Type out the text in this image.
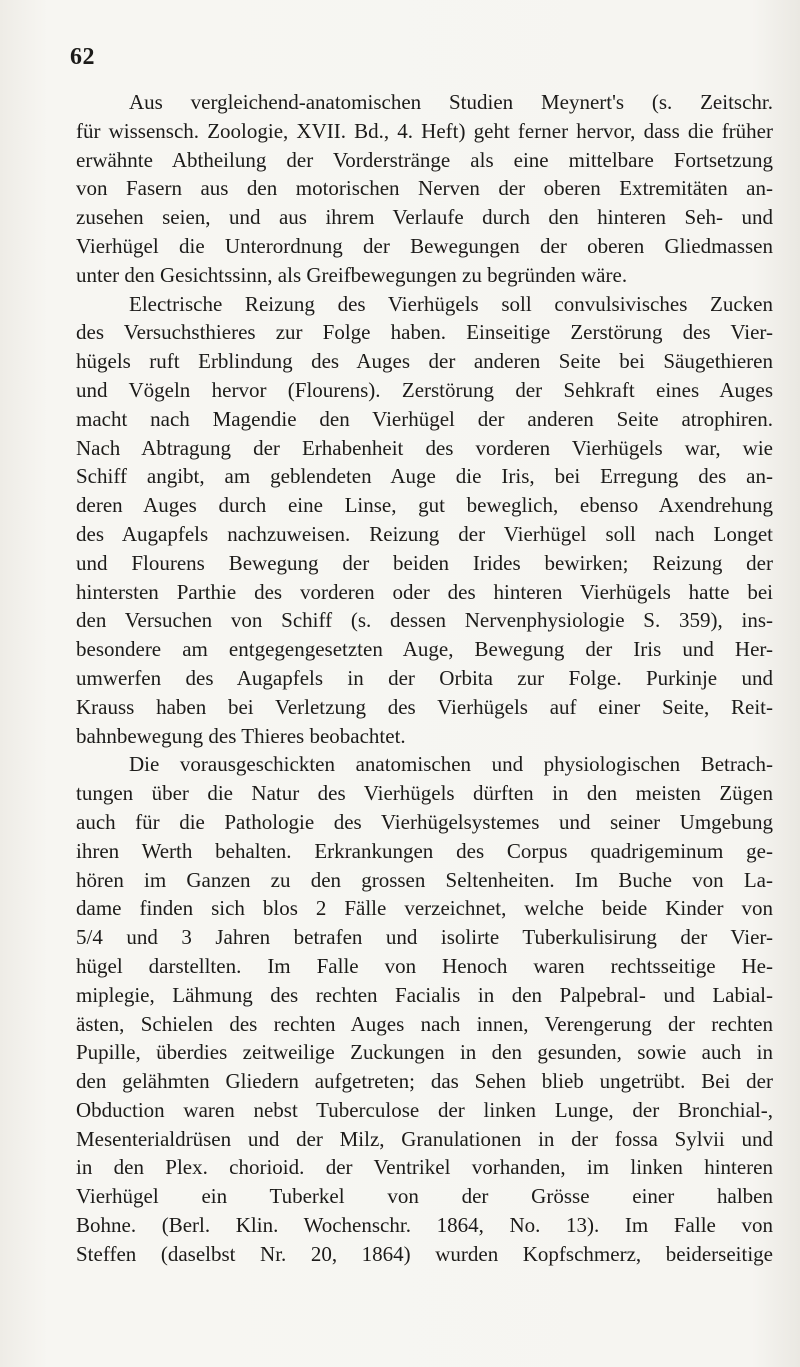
62
Aus vergleichend-anatomischen Studien Meynert's (s. Zeitschr.
für wissensch. Zoologie, XVII. Bd., 4. Heft) geht ferner hervor, dass die früher
erwähnte Abtheilung der Vorderstränge als eine mittelbare Fortsetzung
von Fasern aus den motorischen Nerven der oberen Extremitäten an-
zusehen seien, und aus ihrem Verlaufe durch den hinteren Seh- und
Vierhügel die Unterordnung der Bewegungen der oberen Gliedmassen
unter den Gesichtssinn, als Greifbewegungen zu begründen wäre.
Electrische Reizung des Vierhügels soll convulsivisches Zucken
des Versuchsthieres zur Folge haben. Einseitige Zerstörung des Vier-
hügels ruft Erblindung des Auges der anderen Seite bei Säugethieren
und Vögeln hervor (Flourens). Zerstörung der Sehkraft eines Auges
macht nach Magendie den Vierhügel der anderen Seite atrophiren.
Nach Abtragung der Erhabenheit des vorderen Vierhügels war, wie
Schiff angibt, am geblendeten Auge die Iris, bei Erregung des an-
deren Auges durch eine Linse, gut beweglich, ebenso Axendrehung
des Augapfels nachzuweisen. Reizung der Vierhügel soll nach Longet
und Flourens Bewegung der beiden Irides bewirken; Reizung der
hintersten Parthie des vorderen oder des hinteren Vierhügels hatte bei
den Versuchen von Schiff (s. dessen Nervenphysiologie S. 359), ins-
besondere am entgegengesetzten Auge, Bewegung der Iris und Her-
umwerfen des Augapfels in der Orbita zur Folge. Purkinje und
Krauss haben bei Verletzung des Vierhügels auf einer Seite, Reit-
bahnbewegung des Thieres beobachtet.
Die vorausgeschickten anatomischen und physiologischen Betrach-
tungen über die Natur des Vierhügels dürften in den meisten Zügen
auch für die Pathologie des Vierhügelsystemes und seiner Umgebung
ihren Werth behalten. Erkrankungen des Corpus quadrigeminum ge-
hören im Ganzen zu den grossen Seltenheiten. Im Buche von La-
dame finden sich blos 2 Fälle verzeichnet, welche beide Kinder von
5/4 und 3 Jahren betrafen und isolirte Tuberkulisirung der Vier-
hügel darstellten. Im Falle von Henoch waren rechtsseitige He-
miplegie, Lähmung des rechten Facialis in den Palpebral- und Labial-
ästen, Schielen des rechten Auges nach innen, Verengerung der rechten
Pupille, überdies zeitweilige Zuckungen in den gesunden, sowie auch in
den gelähmten Gliedern aufgetreten; das Sehen blieb ungetrübt. Bei der
Obduction waren nebst Tuberculose der linken Lunge, der Bronchial-,
Mesenterialdrüsen und der Milz, Granulationen in der fossa Sylvii und
in den Plex. chorioid. der Ventrikel vorhanden, im linken hinteren
Vierhügel ein Tuberkel von der Grösse einer halben
Bohne. (Berl. Klin. Wochenschr. 1864, No. 13). Im Falle von
Steffen (daselbst Nr. 20, 1864) wurden Kopfschmerz, beiderseitige
